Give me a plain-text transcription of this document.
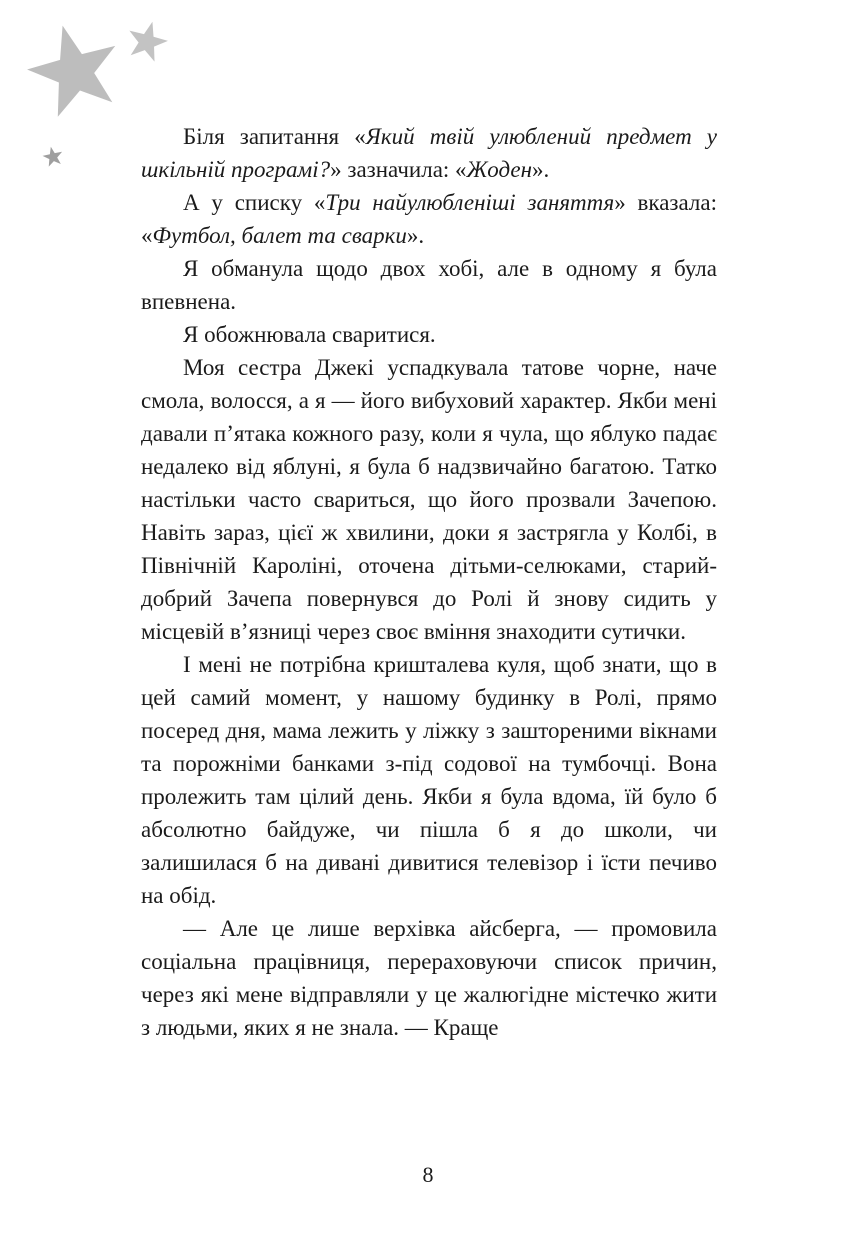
Біля запитання «Який твій улюблений предмет у шкільній програмі?» зазначила: «Жоден».

А у списку «Три найулюбленіші заняття» вказала: «Футбол, балет та сварки».

Я обманула щодо двох хобі, але в одному я була впевнена.

Я обожнювала сваритися.

Моя сестра Джекі успадкувала татове чорне, наче смола, волосся, а я — його вибуховий характер. Якби мені давали п’ятака кожного разу, коли я чула, що яблуко падає недалеко від яблуні, я була б надзвичайно багатою. Татко настільки часто свариться, що його прозвали Зачепою. Навіть зараз, цієї ж хвилини, доки я застрягла у Колбі, в Північній Кароліні, оточена дітьми-селюками, старий-добрий Зачепа повернувся до Ролі й знову сидить у місцевій в’язниці через своє вміння знаходити сутички.

І мені не потрібна кришталева куля, щоб знати, що в цей самий момент, у нашому будинку в Ролі, прямо посеред дня, мама лежить у ліжку з заштореними вікнами та порожніми банками з-під содової на тумбочці. Вона пролежить там цілий день. Якби я була вдома, їй було б абсолютно байдуже, чи пішла б я до школи, чи залишилася б на дивані дивитися телевізор і їсти печиво на обід.

— Але це лише верхівка айсберга, — промовила соціальна працівниця, перераховуючи список причин, через які мене відправляли у це жалюгідне містечко жити з людьми, яких я не знала. — Краще

8
